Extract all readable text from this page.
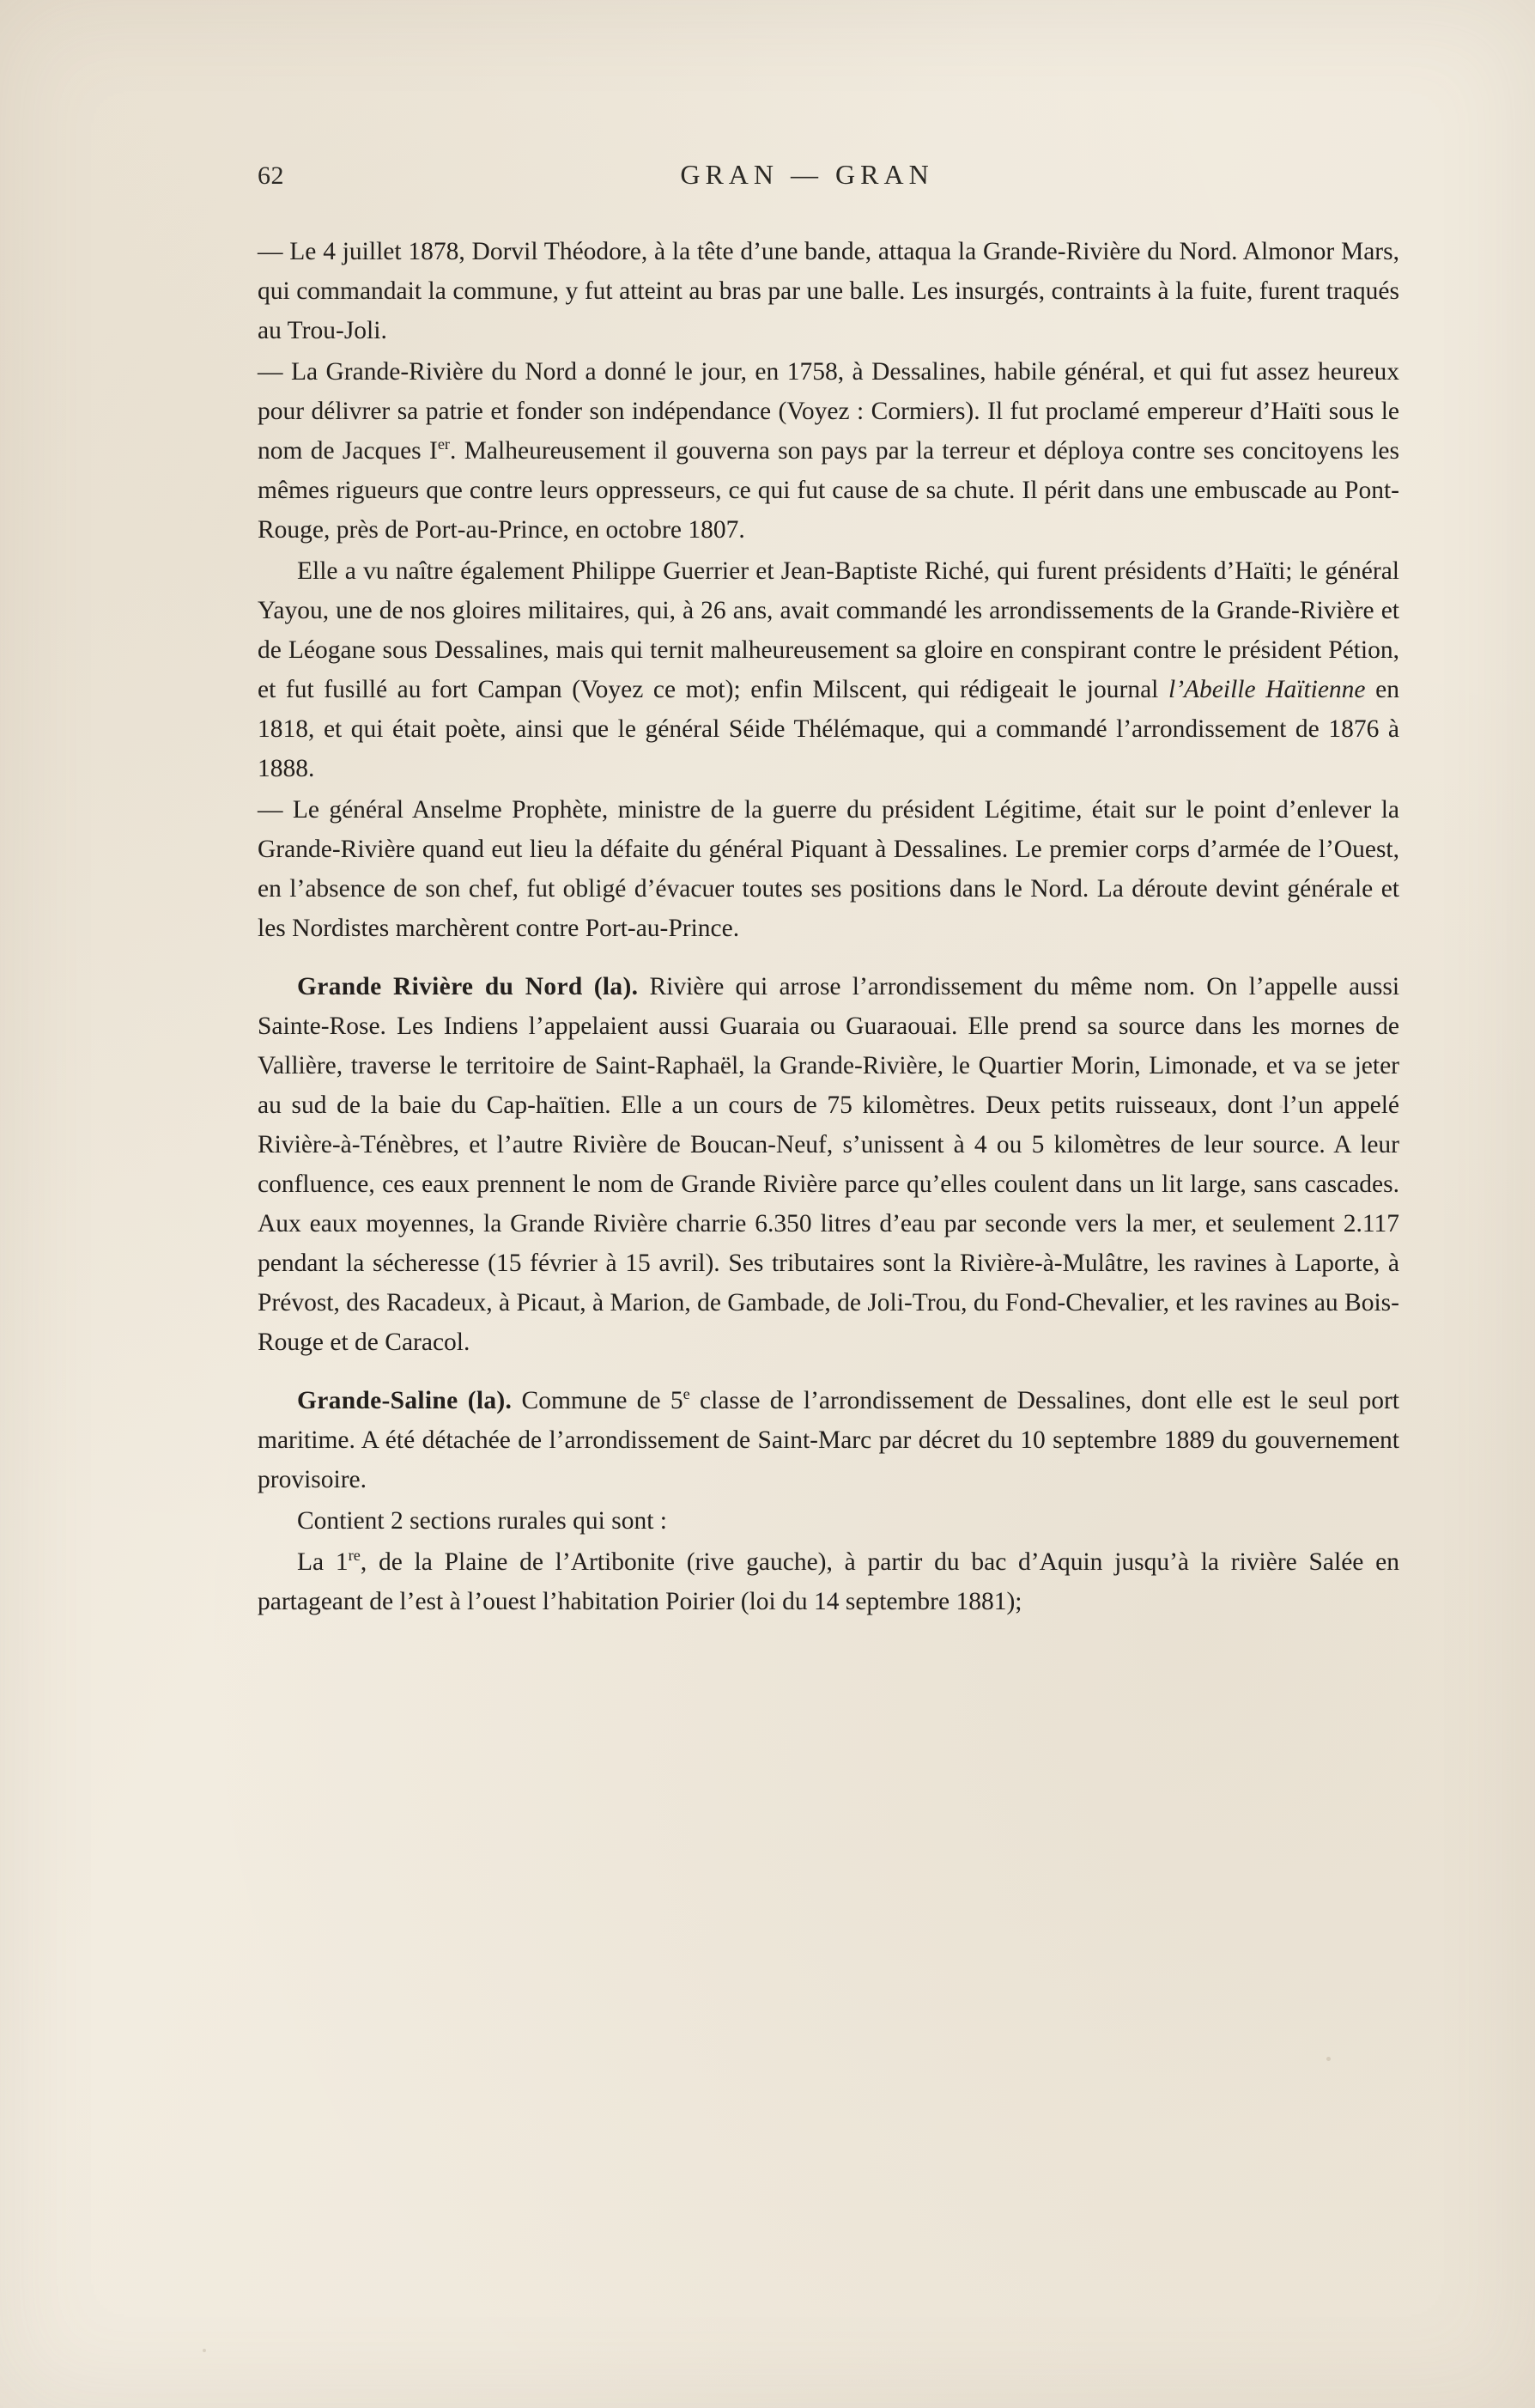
62	GRAN — GRAN

— Le 4 juillet 1878, Dorvil Théodore, à la tête d’une bande, attaqua la Grande-Rivière du Nord. Almonor Mars, qui commandait la commune, y fut atteint au bras par une balle. Les insurgés, contraints à la fuite, furent traqués au Trou-Joli.

— La Grande-Rivière du Nord a donné le jour, en 1758, à Dessalines, habile général, et qui fut assez heureux pour délivrer sa patrie et fonder son indépendance (Voyez : Cormiers). Il fut proclamé empereur d’Haïti sous le nom de Jacques Ier. Malheureusement il gouverna son pays par la terreur et déploya contre ses concitoyens les mêmes rigueurs que contre leurs oppresseurs, ce qui fut cause de sa chute. Il périt dans une embuscade au Pont-Rouge, près de Port-au-Prince, en octobre 1807.

Elle a vu naître également Philippe Guerrier et Jean-Baptiste Riché, qui furent présidents d’Haïti; le général Yayou, une de nos gloires militaires, qui, à 26 ans, avait commandé les arrondissements de la Grande-Rivière et de Léogane sous Dessalines, mais qui ternit malheureusement sa gloire en conspirant contre le président Pétion, et fut fusillé au fort Campan (Voyez ce mot); enfin Milscent, qui rédigeait le journal l’Abeille Haïtienne en 1818, et qui était poète, ainsi que le général Séide Thélémaque, qui a commandé l’arrondissement de 1876 à 1888.

— Le général Anselme Prophète, ministre de la guerre du président Légitime, était sur le point d’enlever la Grande-Rivière quand eut lieu la défaite du général Piquant à Dessalines. Le premier corps d’armée de l’Ouest, en l’absence de son chef, fut obligé d’évacuer toutes ses positions dans le Nord. La déroute devint générale et les Nordistes marchèrent contre Port-au-Prince.

Grande Rivière du Nord (la). Rivière qui arrose l’arrondissement du même nom. On l’appelle aussi Sainte-Rose. Les Indiens l’appelaient aussi Guaraia ou Guaraouai. Elle prend sa source dans les mornes de Vallière, traverse le territoire de Saint-Raphaël, la Grande-Rivière, le Quartier Morin, Limonade, et va se jeter au sud de la baie du Cap-haïtien. Elle a un cours de 75 kilomètres. Deux petits ruisseaux, dont l’un appelé Rivière-à-Ténèbres, et l’autre Rivière de Boucan-Neuf, s’unissent à 4 ou 5 kilomètres de leur source. A leur confluence, ces eaux prennent le nom de Grande Rivière parce qu’elles coulent dans un lit large, sans cascades. Aux eaux moyennes, la Grande Rivière charrie 6.350 litres d’eau par seconde vers la mer, et seulement 2.117 pendant la sécheresse (15 février à 15 avril). Ses tributaires sont la Rivière-à-Mulâtre, les ravines à Laporte, à Prévost, des Racadeux, à Picaut, à Marion, de Gambade, de Joli-Trou, du Fond-Chevalier, et les ravines au Bois-Rouge et de Caracol.

Grande-Saline (la). Commune de 5e classe de l’arrondissement de Dessalines, dont elle est le seul port maritime. A été détachée de l’arrondissement de Saint-Marc par décret du 10 septembre 1889 du gouvernement provisoire.

Contient 2 sections rurales qui sont :

La 1re, de la Plaine de l’Artibonite (rive gauche), à partir du bac d’Aquin jusqu’à la rivière Salée en partageant de l’est à l’ouest l’habitation Poirier (loi du 14 septembre 1881);
